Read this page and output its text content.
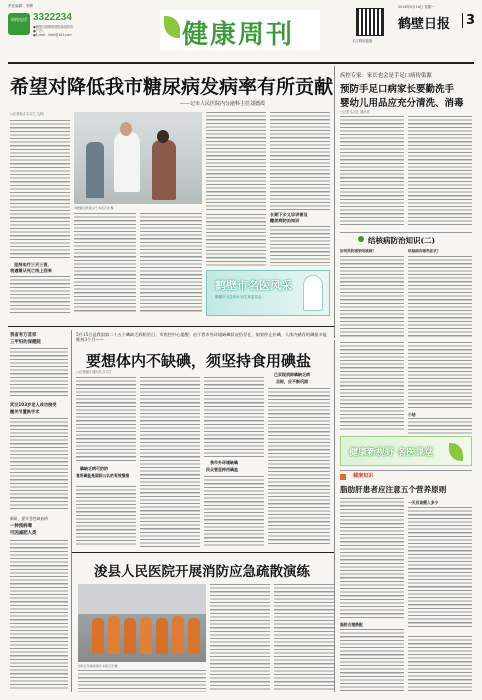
责任编辑：李辉
热线电话 3322234
●鹤壁日报鹤壁晨报新闻热线
●广告：
●E-mail：hbrb@163.com	健康周刊	关注鹤壁健康
2016年5月16日 星期一
鹤壁日报	3
希望对降低我市糖尿病发病率有所贡献
——记市人民医院内分泌科主任刘德霞
□记者张诗 实习生 文/图
坚持治疗三天三夜，
我遇着从死亡线上回来
刘德霞为患者诊疗 本报记者 摄
长期下乡义诊讲普及
糖尿病防治知识
鹤壁市名医风采
鹤壁市卫生和计划生育委员会
疾控专家：家长也会是手足口病传染源
预防手足口病家长要勤洗手
婴幼儿用品应充分清洗、消毒
□记者 实习生 通讯员
结核病防治知识(二)
如何预防感染结核病？	结核病有哪些症状？
我省有万首家
三甲妇幼保健院
武汉103岁老人成功接受
髋关节置换手术
新研，提升急性缺血病
一种预病毒
可因减肥人类
5月15日是我国第二十五个碘缺乏病防治日。市疾控中心提醒：由于我市外环境缺碘状况仍存在，如果停止补碘，人体内储存的碘最多能维持3个月——
要想体内不缺碘，须坚持食用碘盐
□记者姬伟 通讯员 实习生
碘缺乏病可防防
食用碘盐是国际公认的有效措施
我市外环境缺碘
民众要坚持用碘盐
已实现消除碘缺乏病
目标，应不断巩固
小结
健康新视野 名医课堂
$^{健康知识}$
脂肪肝患者应注意五个营养原则
一天应该摄入多少
脂肪合理搭配
浚县人民医院开展消防应急疏散演练
消防应急演练现场 本报记者 摄
